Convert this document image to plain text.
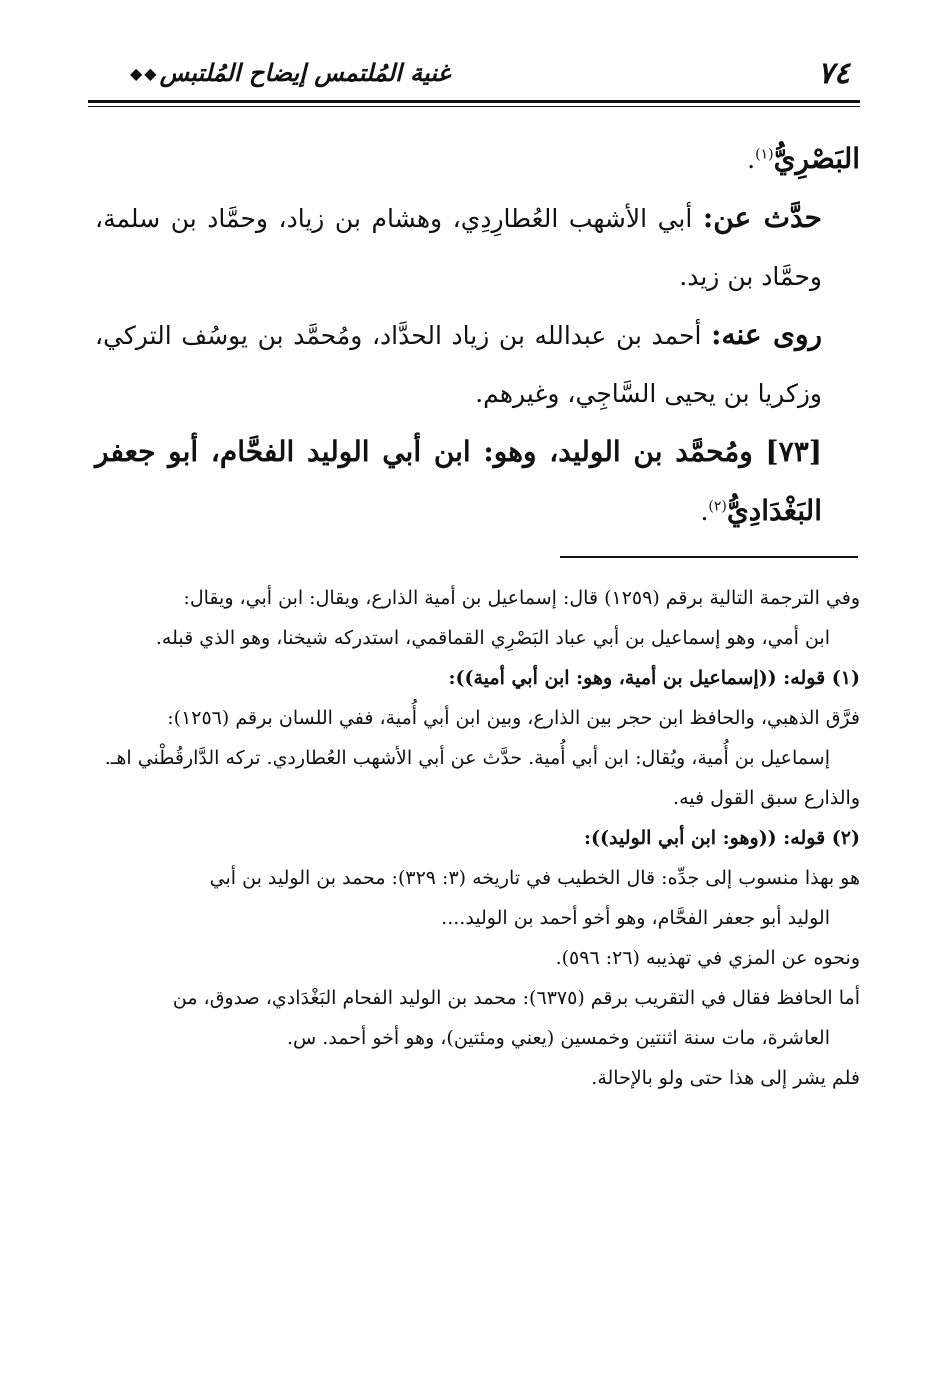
٧٤
غنية المُلتمس إيضاح المُلتبس
◆◆

البَصْرِيُّ$^{(١)}$.

حدَّث عن: أبي الأشهب العُطارِدِي، وهشام بن زياد، وحمَّاد بن سلمة، وحمَّاد بن زيد.

روى عنه: أحمد بن عبدالله بن زياد الحدَّاد، ومُحمَّد بن يوسُف التركي، وزكريا بن يحيى السَّاجِي، وغيرهم.

[٧٣] ومُحمَّد بن الوليد، وهو: ابن أبي الوليد الفحَّام، أبو جعفر البَغْدَادِيُّ$^{(٢)}$.

وفي الترجمة التالية برقم (١٢٥٩) قال: إسماعيل بن أمية الذارع، ويقال: ابن أبي، ويقال:

ابن أمي، وهو إسماعيل بن أبي عباد البَصْرِي القماقمي، استدركه شيخنا، وهو الذي قبله.

(١) قوله: ((إسماعيل بن أمية، وهو: ابن أبي أمية)):

فرَّق الذهبي، والحافظ ابن حجر بين الذارع، وبين ابن أبي أُمية، ففي اللسان برقم (١٢٥٦):

إسماعيل بن أُمية، ويُقال: ابن أبي أُمية. حدَّث عن أبي الأشهب العُطاردي. تركه الدَّارقُطْني اهـ.

والذارع سبق القول فيه.

(٢) قوله: ((وهو: ابن أبي الوليد)):

هو بهذا منسوب إلى جدِّه: قال الخطيب في تاريخه (٣: ٣٢٩): محمد بن الوليد بن أبي

الوليد أبو جعفر الفحَّام، وهو أخو أحمد بن الوليد....

ونحوه عن المزي في تهذيبه (٢٦: ٥٩٦).

أما الحافظ فقال في التقريب برقم (٦٣٧٥): محمد بن الوليد الفحام البَغْدَادي، صدوق، من

العاشرة، مات سنة اثنتين وخمسين (يعني ومئتين)، وهو أخو أحمد. س.

فلم يشر إلى هذا حتى ولو بالإحالة.
